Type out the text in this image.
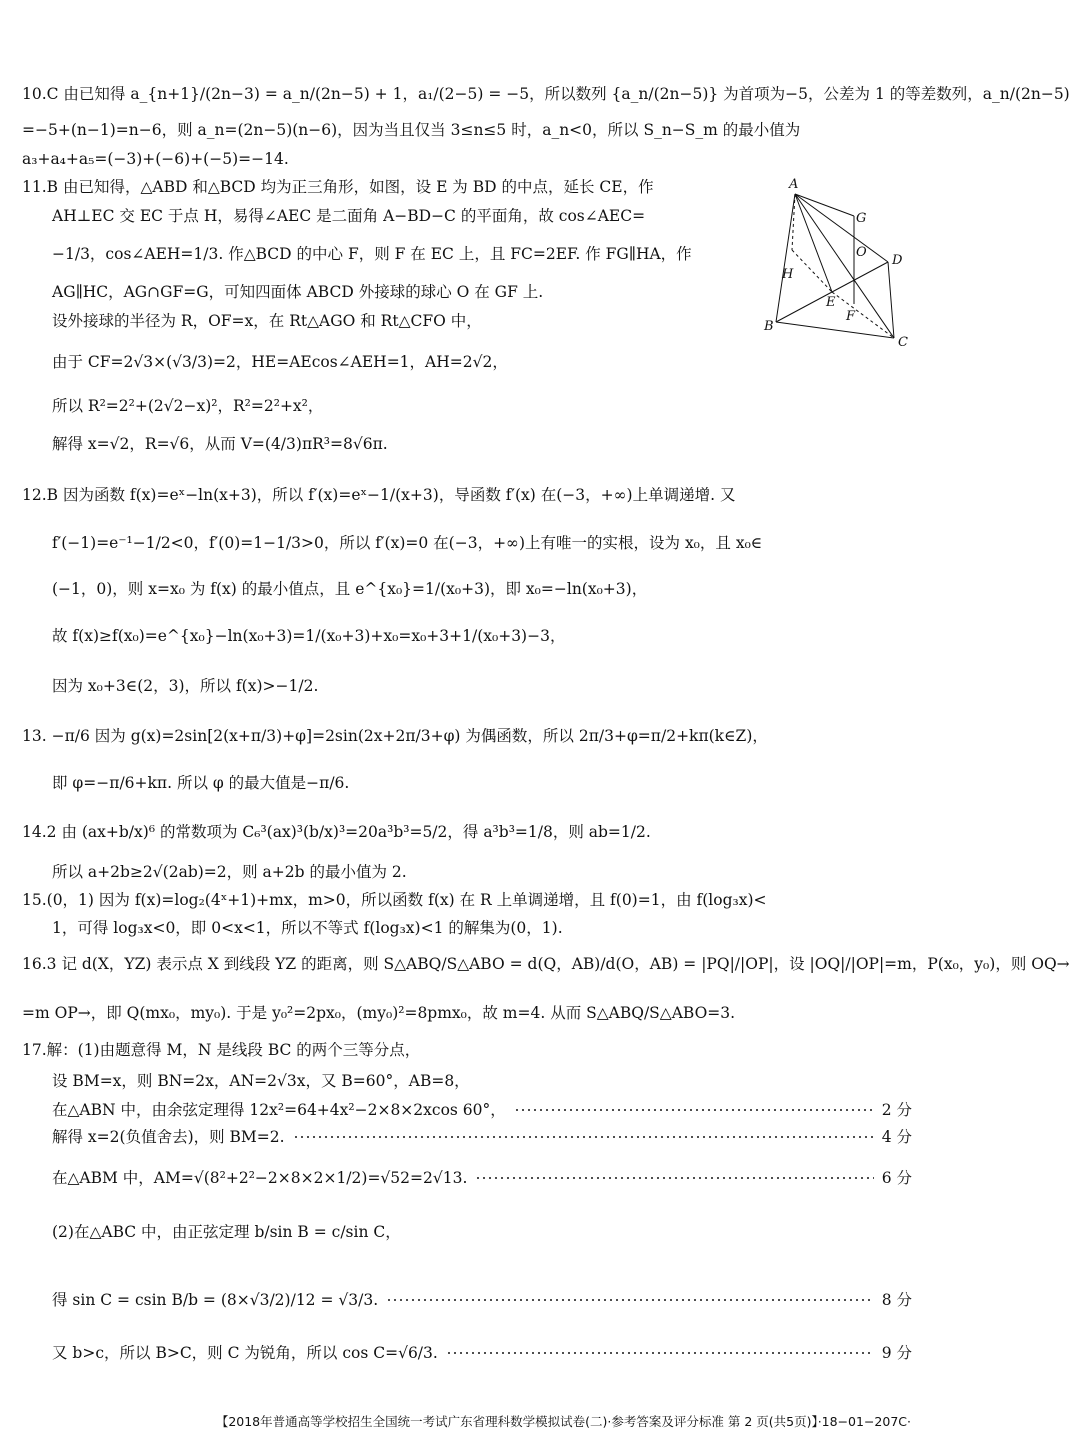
10.C 由已知得 a_{n+1}/(2n−3) = a_n/(2n−5) + 1，a₁/(2−5) = −5，所以数列 {a_n/(2n−5)} 为首项为−5，公差为 1 的等差数列，a_n/(2n−5)
=−5+(n−1)=n−6，则 a_n=(2n−5)(n−6)，因为当且仅当 3≤n≤5 时，a_n<0，所以 S_n−S_m 的最小值为
a₃+a₄+a₅=(−3)+(−6)+(−5)=−14.
11.B 由已知得，△ABD 和△BCD 均为正三角形，如图，设 E 为 BD 的中点，延长 CE，作
AH⊥EC 交 EC 于点 H，易得∠AEC 是二面角 A−BD−C 的平面角，故 cos∠AEC=
−1/3，cos∠AEH=1/3. 作△BCD 的中心 F，则 F 在 EC 上，且 FC=2EF. 作 FG∥HA，作
AG∥HC，AG∩GF=G，可知四面体 ABCD 外接球的球心 O 在 GF 上.
设外接球的半径为 R，OF=x，在 Rt△AGO 和 Rt△CFO 中，
由于 CF=2√3×(√3/3)=2，HE=AEcos∠AEH=1，AH=2√2，
所以 R²=2²+(2√2−x)²，R²=2²+x²，
解得 x=√2，R=√6，从而 V=(4/3)πR³=8√6π.
A
G
O
D
H
E
F
B
C
12.B 因为函数 f(x)=eˣ−ln(x+3)，所以 f′(x)=eˣ−1/(x+3)，导函数 f′(x) 在(−3，+∞)上单调递增. 又
f′(−1)=e⁻¹−1/2<0，f′(0)=1−1/3>0，所以 f′(x)=0 在(−3，+∞)上有唯一的实根，设为 x₀，且 x₀∈
(−1，0)，则 x=x₀ 为 f(x) 的最小值点，且 e^{x₀}=1/(x₀+3)，即 x₀=−ln(x₀+3)，
故 f(x)≥f(x₀)=e^{x₀}−ln(x₀+3)=1/(x₀+3)+x₀=x₀+3+1/(x₀+3)−3，
因为 x₀+3∈(2，3)，所以 f(x)>−1/2.
13. −π/6 因为 g(x)=2sin[2(x+π/3)+φ]=2sin(2x+2π/3+φ) 为偶函数，所以 2π/3+φ=π/2+kπ(k∈Z)，
即 φ=−π/6+kπ. 所以 φ 的最大值是−π/6.
14.2 由 (ax+b/x)⁶ 的常数项为 C₆³(ax)³(b/x)³=20a³b³=5/2，得 a³b³=1/8，则 ab=1/2.
所以 a+2b≥2√(2ab)=2，则 a+2b 的最小值为 2.
15.(0，1) 因为 f(x)=log₂(4ˣ+1)+mx，m>0，所以函数 f(x) 在 R 上单调递增，且 f(0)=1，由 f(log₃x)<
1，可得 log₃x<0，即 0<x<1，所以不等式 f(log₃x)<1 的解集为(0，1).
16.3 记 d(X，YZ) 表示点 X 到线段 YZ 的距离，则 S△ABQ/S△ABO = d(Q，AB)/d(O，AB) = |PQ|/|OP|，设 |OQ|/|OP|=m，P(x₀，y₀)，则 OQ→
=m OP→，即 Q(mx₀，my₀). 于是 y₀²=2px₀，(my₀)²=8pmx₀，故 m=4. 从而 S△ABQ/S△ABO=3.
17.解：(1)由题意得 M，N 是线段 BC 的两个三等分点，
设 BM=x，则 BN=2x，AN=2√3x，又 B=60°，AB=8，
在△ABN 中，由余弦定理得 12x²=64+4x²−2×8×2xcos 60°，	2 分
解得 x=2(负值舍去)，则 BM=2.	4 分
在△ABM 中，AM=√(8²+2²−2×8×2×1/2)=√52=2√13.	6 分
(2)在△ABC 中，由正弦定理 b/sin B = c/sin C，
得 sin C = csin B/b = (8×√3/2)/12 = √3/3.	8 分
又 b>c，所以 B>C，则 C 为锐角，所以 cos C=√6/3.	9 分
【2018年普通高等学校招生全国统一考试广东省理科数学模拟试卷(二)·参考答案及评分标准 第 2 页(共5页)】·18−01−207C·
